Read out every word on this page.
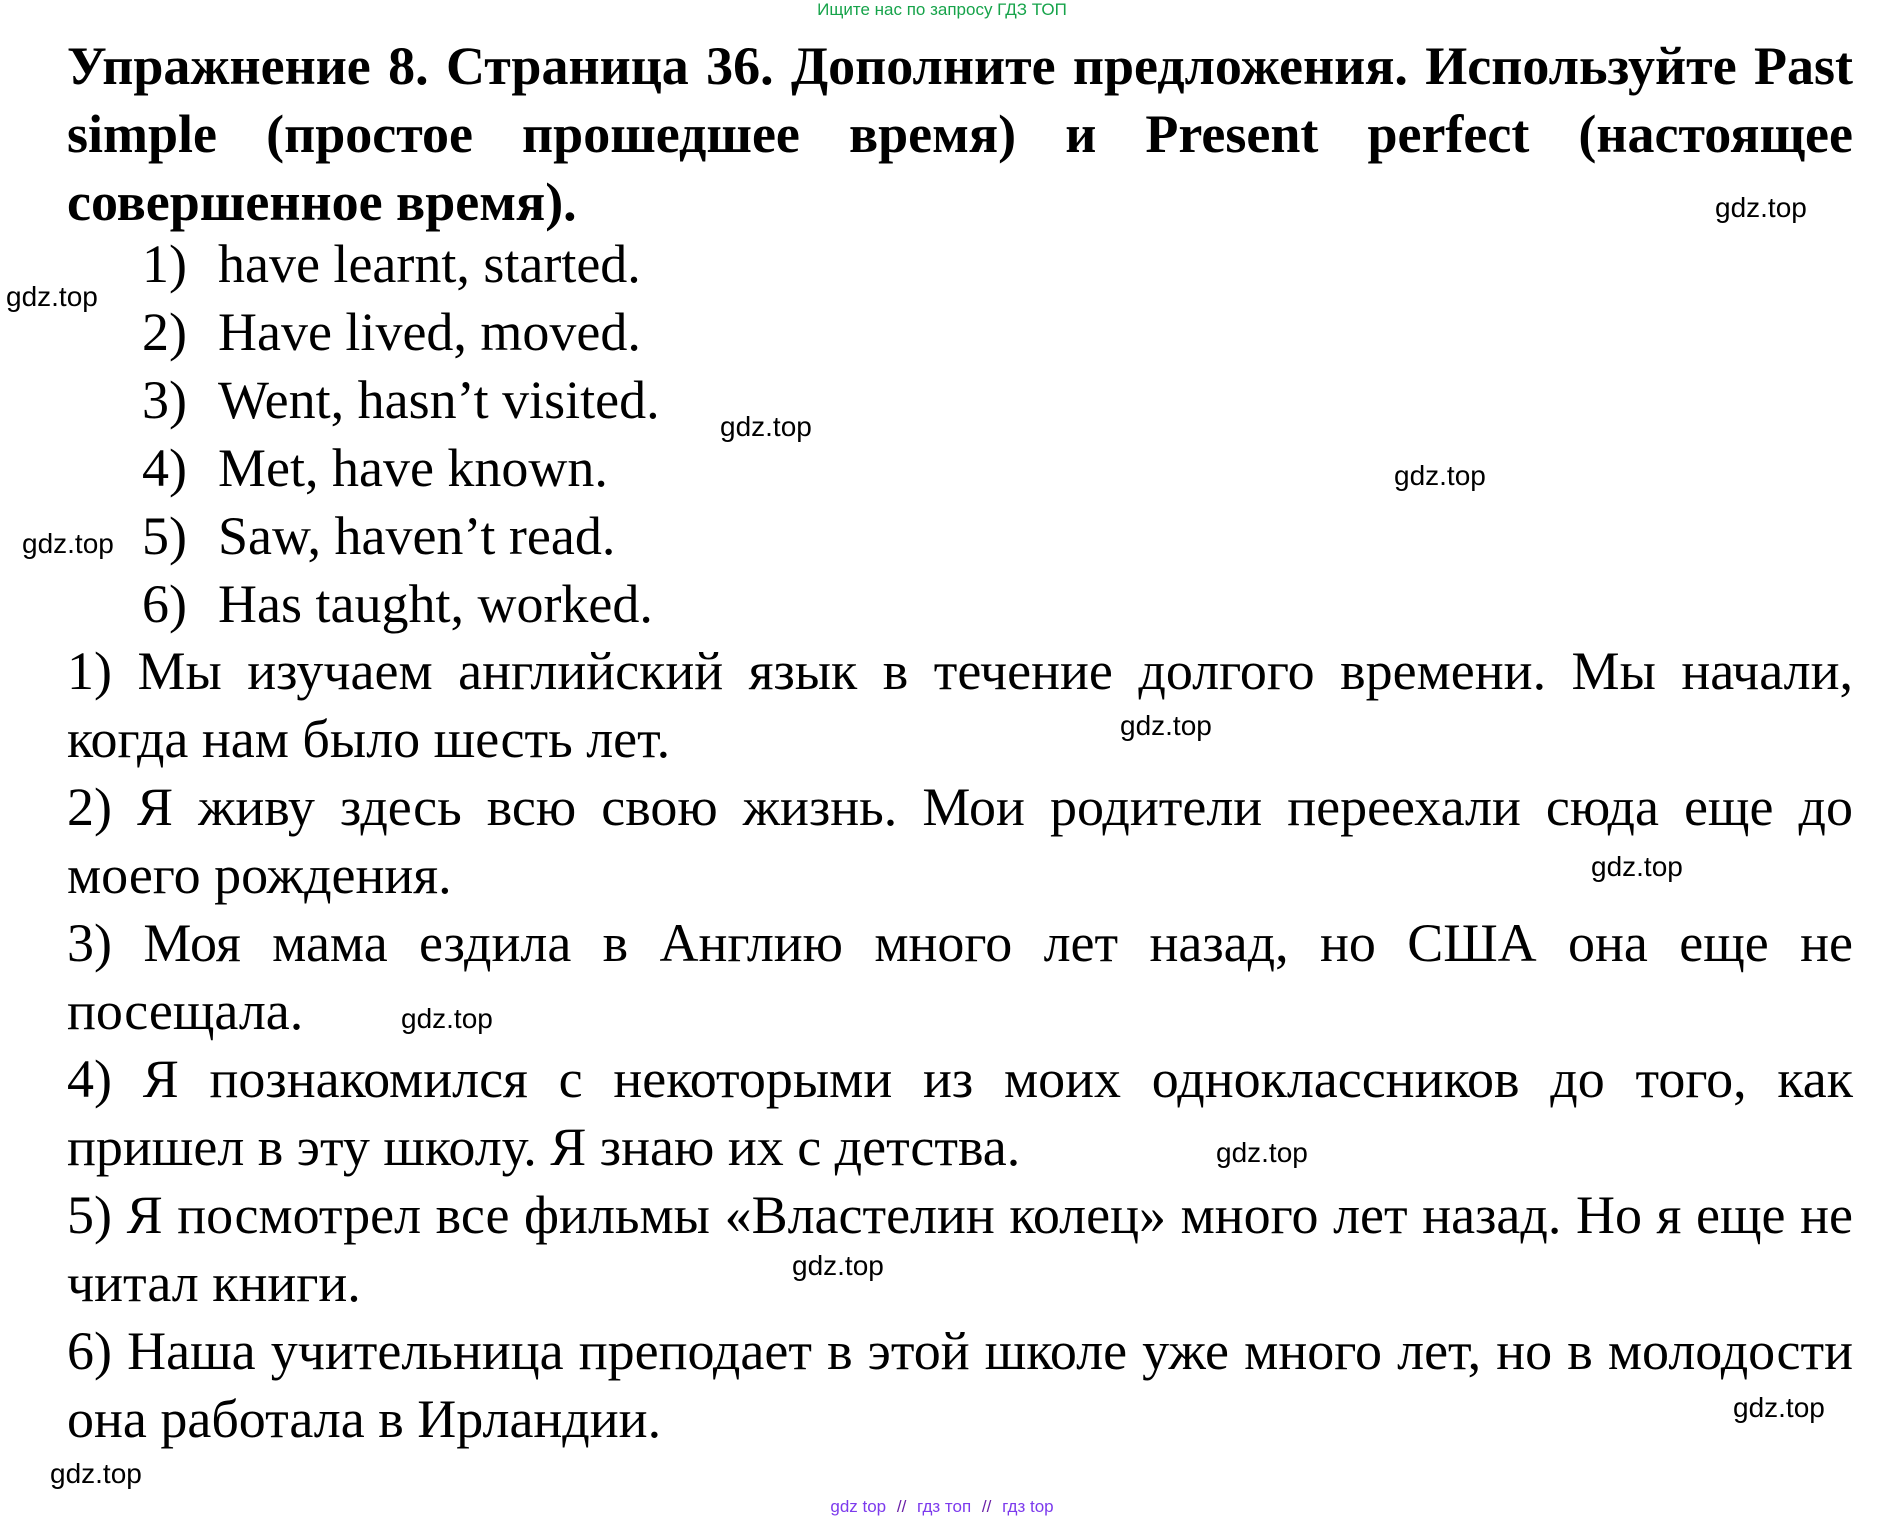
Ищите нас по запросу ГДЗ ТОП
Упражнение 8. Страница 36. Дополните предложения. Используйте Past simple (простое прошедшее время) и Present perfect (настоящее совершенное время).
1) have learnt, started.
2) Have lived, moved.
3) Went, hasn’t visited.
4) Met, have known.
5) Saw, haven’t read.
6) Has taught, worked.

1) Мы изучаем английский язык в течение долгого времени. Мы начали, когда нам было шесть лет.

2) Я живу здесь всю свою жизнь. Мои родители переехали сюда еще до моего рождения.

3) Моя мама ездила в Англию много лет назад, но США она еще не посещала.

4) Я познакомился с некоторыми из моих одноклассников до того, как пришел в эту школу. Я знаю их с детства.

5) Я посмотрел все фильмы «Властелин колец» много лет назад. Но я еще не читал книги.

6) Наша учительница преподает в этой школе уже много лет, но в молодости она работала в Ирландии.

gdz.top
gdz.top
gdz.top
gdz.top
gdz.top
gdz.top
gdz.top
gdz.top
gdz.top
gdz.top
gdz.top
gdz.top
gdz top // гдз топ // гдз top
